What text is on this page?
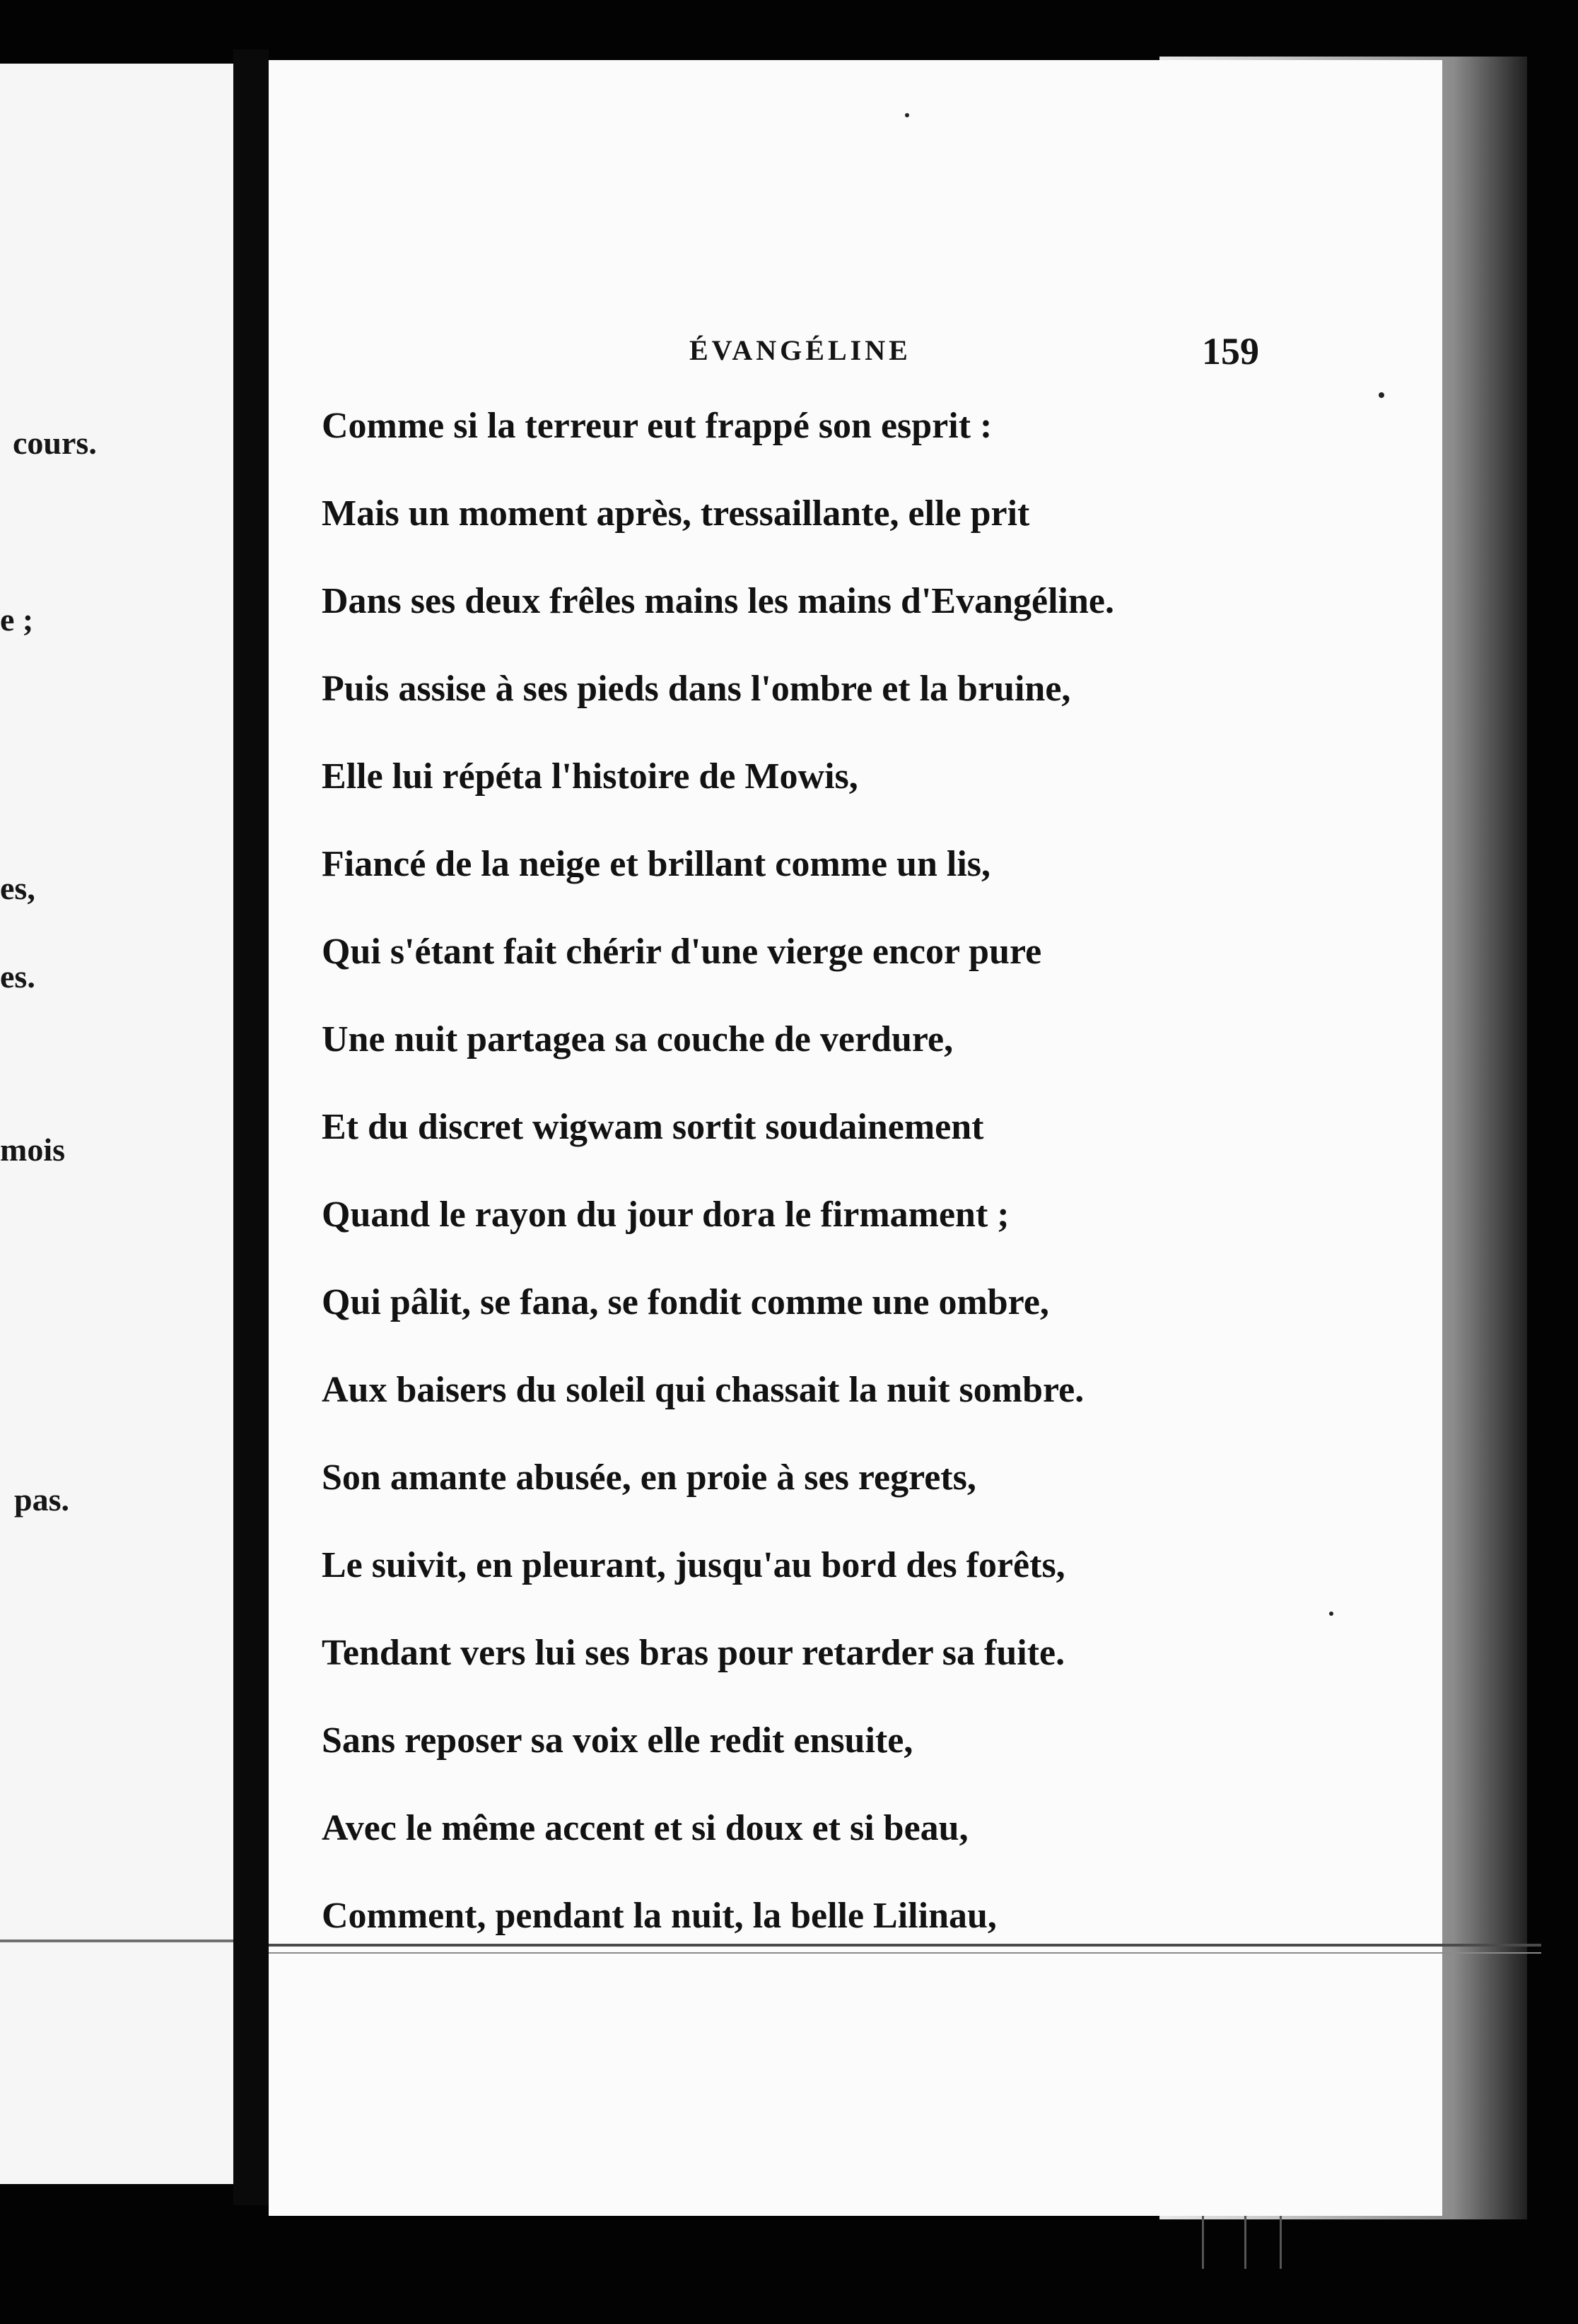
cours.
e ;
es,
es.
mois
pas.
ÉVANGÉLINE	159
Comme si la terreur eut frappé son esprit :
Mais un moment après, tressaillante, elle prit
Dans ses deux frêles mains les mains d'Evangéline.
Puis assise à ses pieds dans l'ombre et la bruine,
Elle lui répéta l'histoire de Mowis,
Fiancé de la neige et brillant comme un lis,
Qui s'étant fait chérir d'une vierge encor pure
Une nuit partagea sa couche de verdure,
Et du discret wigwam sortit soudainement
Quand le rayon du jour dora le firmament ;
Qui pâlit, se fana, se fondit comme une ombre,
Aux baisers du soleil qui chassait la nuit sombre.
Son amante abusée, en proie à ses regrets,
Le suivit, en pleurant, jusqu'au bord des forêts,
Tendant vers lui ses bras pour retarder sa fuite.
Sans reposer sa voix elle redit ensuite,
Avec le même accent et si doux et si beau,
Comment, pendant la nuit, la belle Lilinau,
